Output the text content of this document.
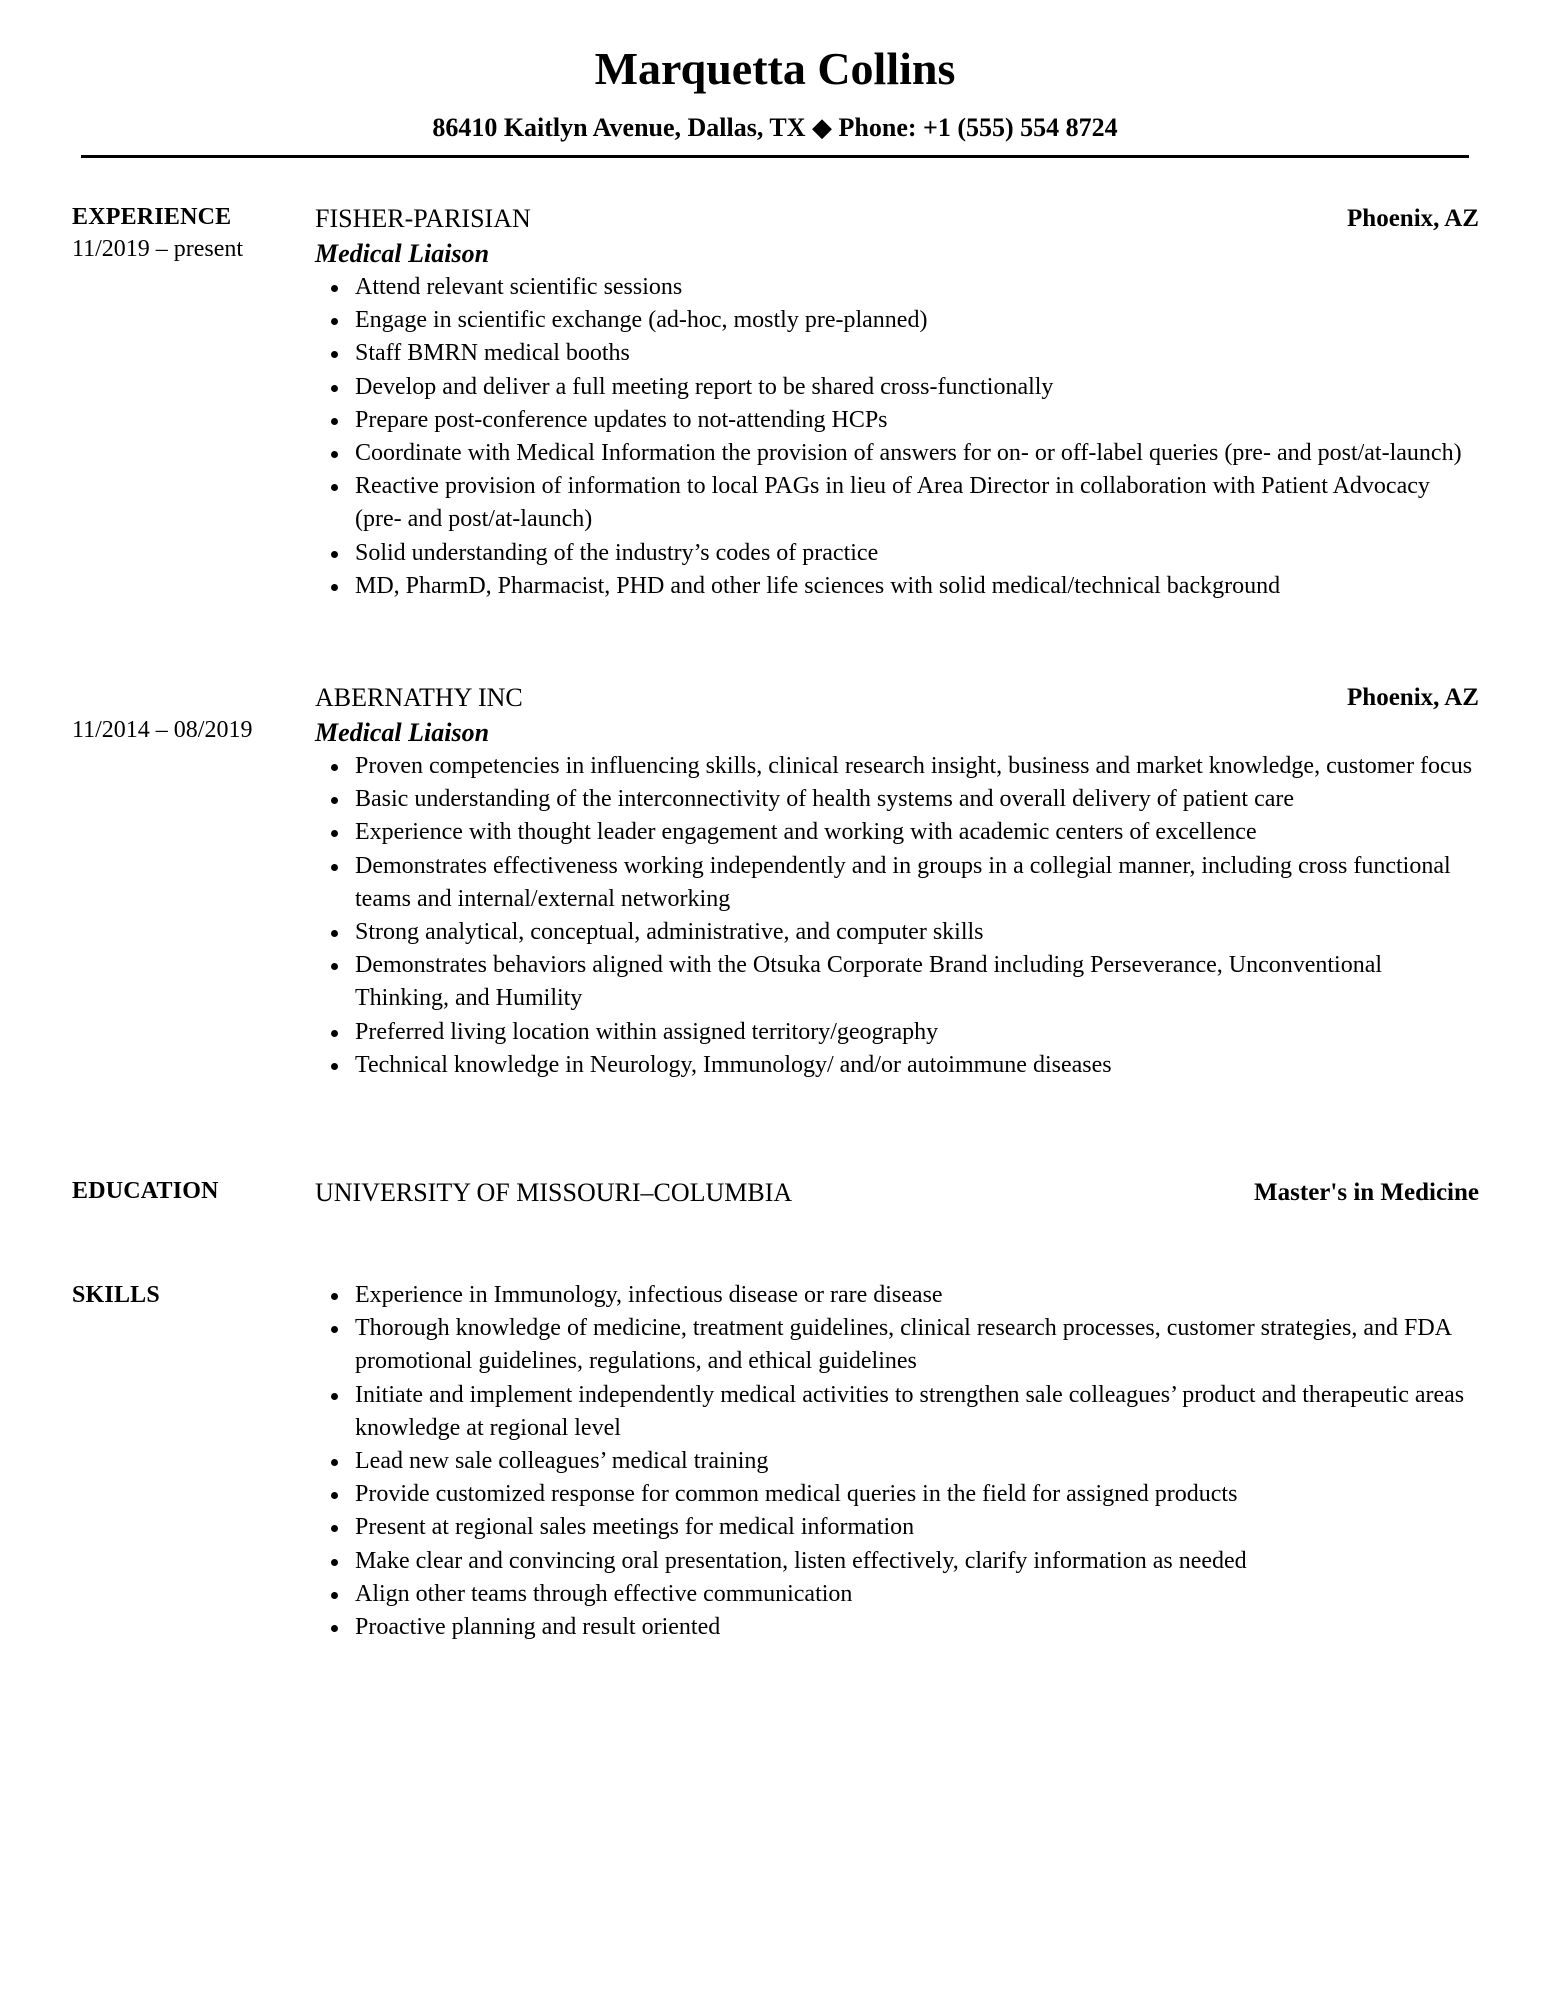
Marquetta Collins
86410 Kaitlyn Avenue, Dallas, TX ◆ Phone: +1 (555) 554 8724
EXPERIENCE
11/2019 – present
FISHER-PARISIAN	Phoenix, AZ
Medical Liaison
Attend relevant scientific sessions
Engage in scientific exchange (ad-hoc, mostly pre-planned)
Staff BMRN medical booths
Develop and deliver a full meeting report to be shared cross-functionally
Prepare post-conference updates to not-attending HCPs
Coordinate with Medical Information the provision of answers for on- or off-label queries (pre- and post/at-launch)
Reactive provision of information to local PAGs in lieu of Area Director in collaboration with Patient Advocacy (pre- and post/at-launch)
Solid understanding of the industry’s codes of practice
MD, PharmD, Pharmacist, PHD and other life sciences with solid medical/technical background
11/2014 – 08/2019
ABERNATHY INC	Phoenix, AZ
Medical Liaison
Proven competencies in influencing skills, clinical research insight, business and market knowledge, customer focus
Basic understanding of the interconnectivity of health systems and overall delivery of patient care
Experience with thought leader engagement and working with academic centers of excellence
Demonstrates effectiveness working independently and in groups in a collegial manner, including cross functional teams and internal/external networking
Strong analytical, conceptual, administrative, and computer skills
Demonstrates behaviors aligned with the Otsuka Corporate Brand including Perseverance, Unconventional Thinking, and Humility
Preferred living location within assigned territory/geography
Technical knowledge in Neurology, Immunology/ and/or autoimmune diseases
EDUCATION	UNIVERSITY OF MISSOURI–COLUMBIA	Master's in Medicine
SKILLS	Experience in Immunology, infectious disease or rare disease
Thorough knowledge of medicine, treatment guidelines, clinical research processes, customer strategies, and FDA promotional guidelines, regulations, and ethical guidelines
Initiate and implement independently medical activities to strengthen sale colleagues’ product and therapeutic areas knowledge at regional level
Lead new sale colleagues’ medical training
Provide customized response for common medical queries in the field for assigned products
Present at regional sales meetings for medical information
Make clear and convincing oral presentation, listen effectively, clarify information as needed
Align other teams through effective communication
Proactive planning and result oriented
